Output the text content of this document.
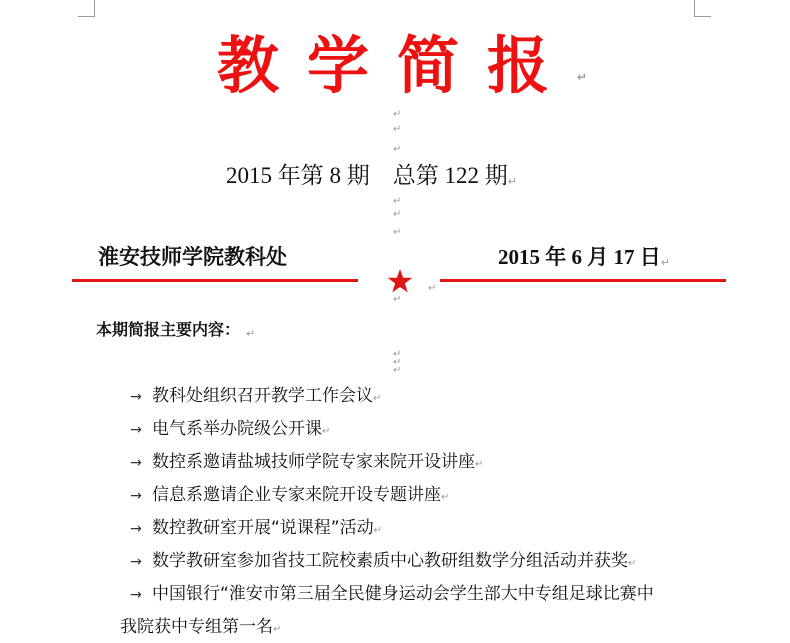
教学简报↵
↵
↵
↵
2015 年第 8 期    总第 122 期↵
↵
↵
↵
淮安技师学院教科处	2015 年 6 月 17 日↵
↵
↵
本期简报主要内容： ↵
↵
↵
↵
→ 教科处组织召开教学工作会议↵
→ 电气系举办院级公开课↵
→ 数控系邀请盐城技师学院专家来院开设讲座↵
→ 信息系邀请企业专家来院开设专题讲座↵
→ 数控教研室开展“说课程”活动↵
→ 数学教研室参加省技工院校素质中心教研组数学分组活动并获奖↵
→ 中国银行“淮安市第三届全民健身运动会学生部大中专组足球比赛中
我院获中专组第一名↵
